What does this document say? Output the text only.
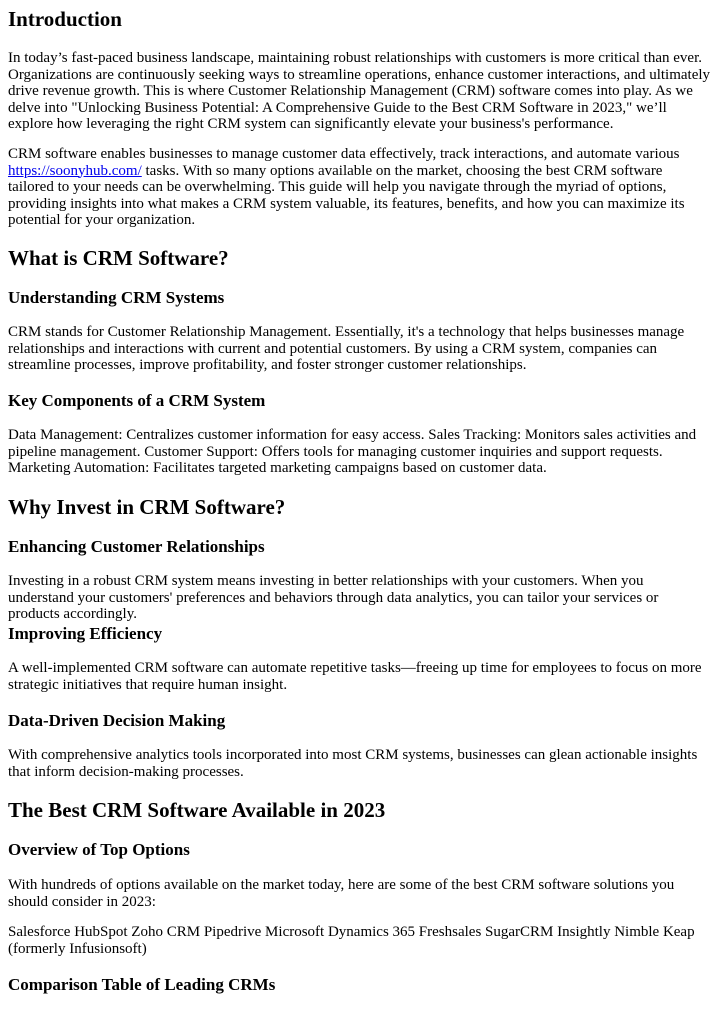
Introduction

In today’s fast-paced business landscape, maintaining robust relationships with customers is more critical than ever. Organizations are continuously seeking ways to streamline operations, enhance customer interactions, and ultimately drive revenue growth. This is where Customer Relationship Management (CRM) software comes into play. As we delve into "Unlocking Business Potential: A Comprehensive Guide to the Best CRM Software in 2023," we’ll explore how leveraging the right CRM system can significantly elevate your business's performance.

CRM software enables businesses to manage customer data effectively, track interactions, and automate various https://soonyhub.com/ tasks. With so many options available on the market, choosing the best CRM software tailored to your needs can be overwhelming. This guide will help you navigate through the myriad of options, providing insights into what makes a CRM system valuable, its features, benefits, and how you can maximize its potential for your organization.

What is CRM Software?
Understanding CRM Systems

CRM stands for Customer Relationship Management. Essentially, it's a technology that helps businesses manage relationships and interactions with current and potential customers. By using a CRM system, companies can streamline processes, improve profitability, and foster stronger customer relationships.

Key Components of a CRM System

Data Management: Centralizes customer information for easy access. Sales Tracking: Monitors sales activities and pipeline management. Customer Support: Offers tools for managing customer inquiries and support requests. Marketing Automation: Facilitates targeted marketing campaigns based on customer data.

Why Invest in CRM Software?
Enhancing Customer Relationships

Investing in a robust CRM system means investing in better relationships with your customers. When you understand your customers' preferences and behaviors through data analytics, you can tailor your services or products accordingly.

Improving Efficiency

A well-implemented CRM software can automate repetitive tasks—freeing up time for employees to focus on more strategic initiatives that require human insight.

Data-Driven Decision Making

With comprehensive analytics tools incorporated into most CRM systems, businesses can glean actionable insights that inform decision-making processes.

The Best CRM Software Available in 2023
Overview of Top Options

With hundreds of options available on the market today, here are some of the best CRM software solutions you should consider in 2023:

Salesforce HubSpot Zoho CRM Pipedrive Microsoft Dynamics 365 Freshsales SugarCRM Insightly Nimble Keap (formerly Infusionsoft)

Comparison Table of Leading CRMs
